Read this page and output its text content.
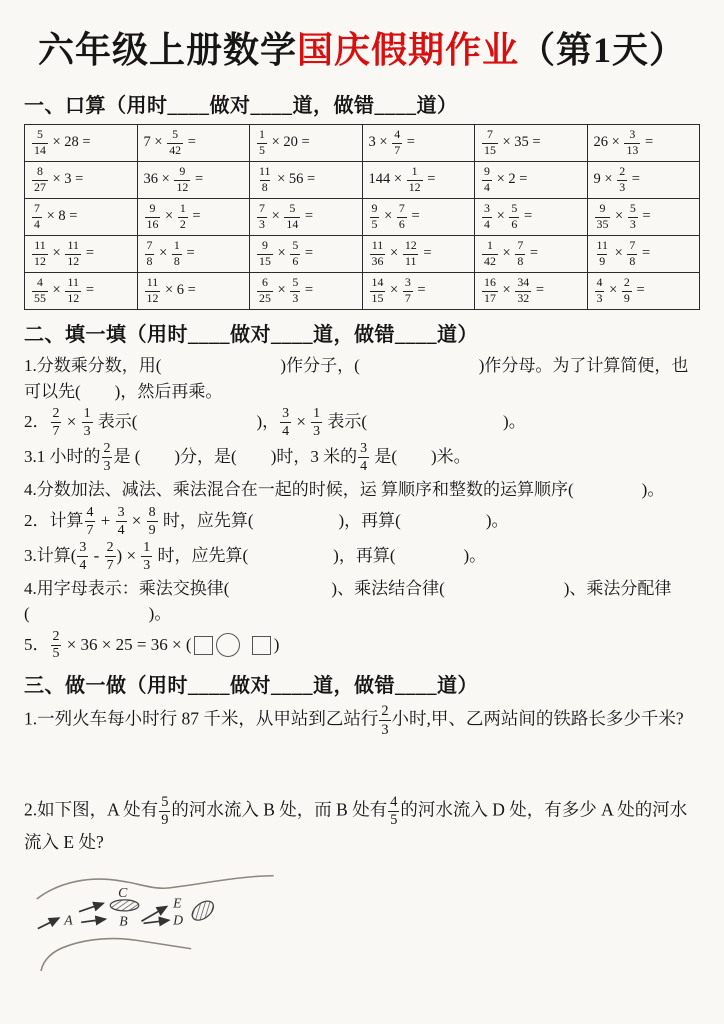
六年级上册数学国庆假期作业（第1天）
一、口算（用时____做对____道，做错____道）
$\frac{5}{14} \times 28$ =	$7 \times \frac{5}{42}$ =	$\frac{1}{5} \times 20$ =	$3 \times \frac{4}{7}$ =	$\frac{7}{15} \times 35$ =	$26 \times \frac{3}{13}$ =

$\frac{8}{27} \times 3$ =	$36 \times \frac{9}{12}$ =	$\frac{11}{8} \times 56$ =	$144 \times \frac{1}{12}$ =	$\frac{9}{4} \times 2$ =	$9 \times \frac{2}{3}$ =

$\frac{7}{4} \times 8$ =	$\frac{9}{16} \times \frac{1}{2}$ =	$\frac{7}{3} \times \frac{5}{14}$ =	$\frac{9}{5} \times \frac{7}{6}$ =	$\frac{3}{4} \times \frac{5}{6}$ =	$\frac{9}{35} \times \frac{5}{3}$ =

$\frac{11}{12} \times \frac{11}{12}$ =	$\frac{7}{8} \times \frac{1}{8}$ =	$\frac{9}{15} \times \frac{5}{6}$ =	$\frac{11}{36} \times \frac{12}{11}$ =	$\frac{1}{42} \times \frac{7}{8}$ =	$\frac{11}{9} \times \frac{7}{8}$ =

$\frac{4}{55} \times \frac{11}{12}$ =	$\frac{11}{12} \times 6$ =	$\frac{6}{25} \times \frac{5}{3}$ =	$\frac{14}{15} \times \frac{3}{7}$ =	$\frac{16}{17} \times \frac{34}{32}$ =	$\frac{4}{3} \times \frac{2}{9}$ =
二、填一填（用时____做对____道，做错____道）

1.分数乘分数，用(　　　　　　　)作分子，(　　　　　　　)作分母。为了计算简便，也可以先(　　)，然后再乘。

2． $\frac{2}{7} \times \frac{1}{3}$ 表示(　　　　　　　)， $\frac{3}{4} \times \frac{1}{3}$ 表示(　　　　　　　　)。

3.1 小时的 $\frac{2}{3}$ 是 (　　)分，是(　　)时，3 米的 $\frac{3}{4}$ 是(　　)米。

4.分数加法、减法、乘法混合在一起的时候，运 算顺序和整数的运算顺序(　　　　)。

2．计算 $\frac{4}{7} + \frac{3}{4} \times \frac{8}{9}$ 时，应先算(　　　　　)，再算(　　　　　)。

3.计算( $\frac{3}{4} - \frac{2}{7}$ ) × $\frac{1}{3}$ 时，应先算(　　　　　)，再算(　　　　)。

4.用字母表示：乘法交换律(　　　　　　)、乘法结合律(　　　　　　　)、乘法分配律(　　　　　　　)。

5． $\frac{2}{5} \times 36 \times 25 = 36$ × (	)

三、做一做（用时____做对____道，做错____道）

1.一列火车每小时行 87 千米，从甲站到乙站行 $\frac{2}{3}$ 小时,甲、乙两站间的铁路长多少千米?

2.如下图，A 处有 $\frac{5}{9}$ 的河水流入 B 处，而 B 处有 $\frac{4}{5}$ 的河水流入 D 处，有多少 A 处的河水流入 E 处?

A	B
C
E
D
